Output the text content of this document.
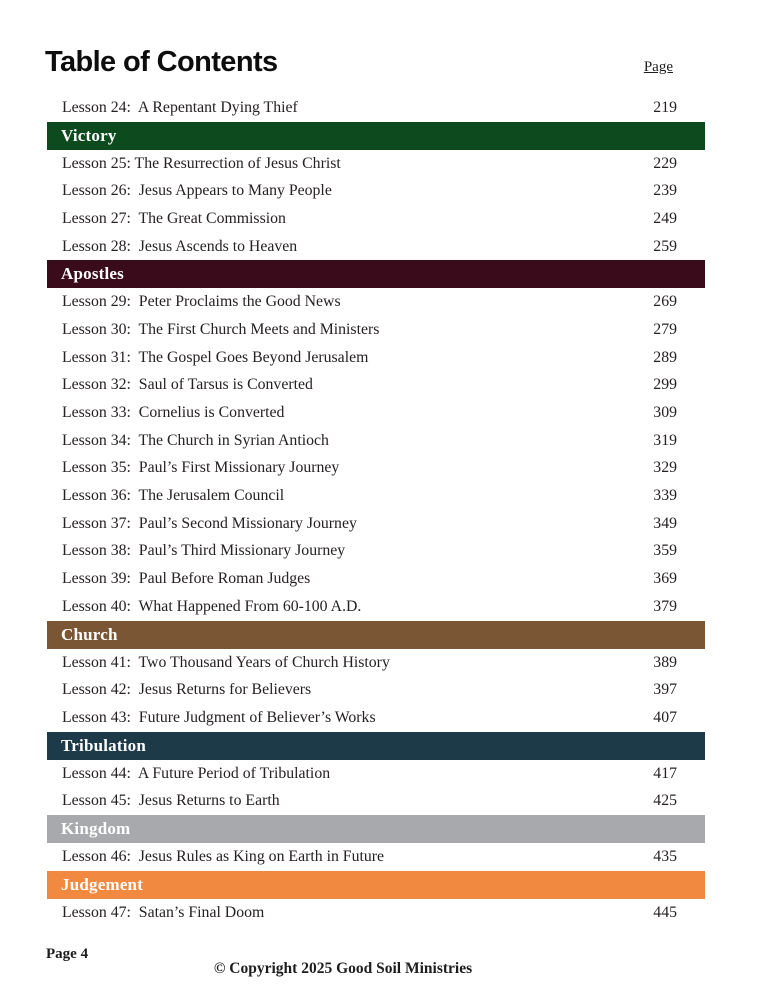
Table of Contents	Page
Lesson 24:  A Repentant Dying Thief	219
Victory
Lesson 25: The Resurrection of Jesus Christ	229
Lesson 26:  Jesus Appears to Many People	239
Lesson 27:  The Great Commission	249
Lesson 28:  Jesus Ascends to Heaven	259
Apostles
Lesson 29:  Peter Proclaims the Good News	269
Lesson 30:  The First Church Meets and Ministers	279
Lesson 31:  The Gospel Goes Beyond Jerusalem	289
Lesson 32:  Saul of Tarsus is Converted	299
Lesson 33:  Cornelius is Converted	309
Lesson 34:  The Church in Syrian Antioch	319
Lesson 35:  Paul’s First Missionary Journey	329
Lesson 36:  The Jerusalem Council	339
Lesson 37:  Paul’s Second Missionary Journey	349
Lesson 38:  Paul’s Third Missionary Journey	359
Lesson 39:  Paul Before Roman Judges	369
Lesson 40:  What Happened From 60-100 A.D.	379
Church
Lesson 41:  Two Thousand Years of Church History	389
Lesson 42:  Jesus Returns for Believers	397
Lesson 43:  Future Judgment of Believer’s Works	407
Tribulation
Lesson 44:  A Future Period of Tribulation	417
Lesson 45:  Jesus Returns to Earth	425
Kingdom
Lesson 46:  Jesus Rules as King on Earth in Future	435
Judgement
Lesson 47:  Satan’s Final Doom	445
Page 4
© Copyright 2025 Good Soil Ministries
